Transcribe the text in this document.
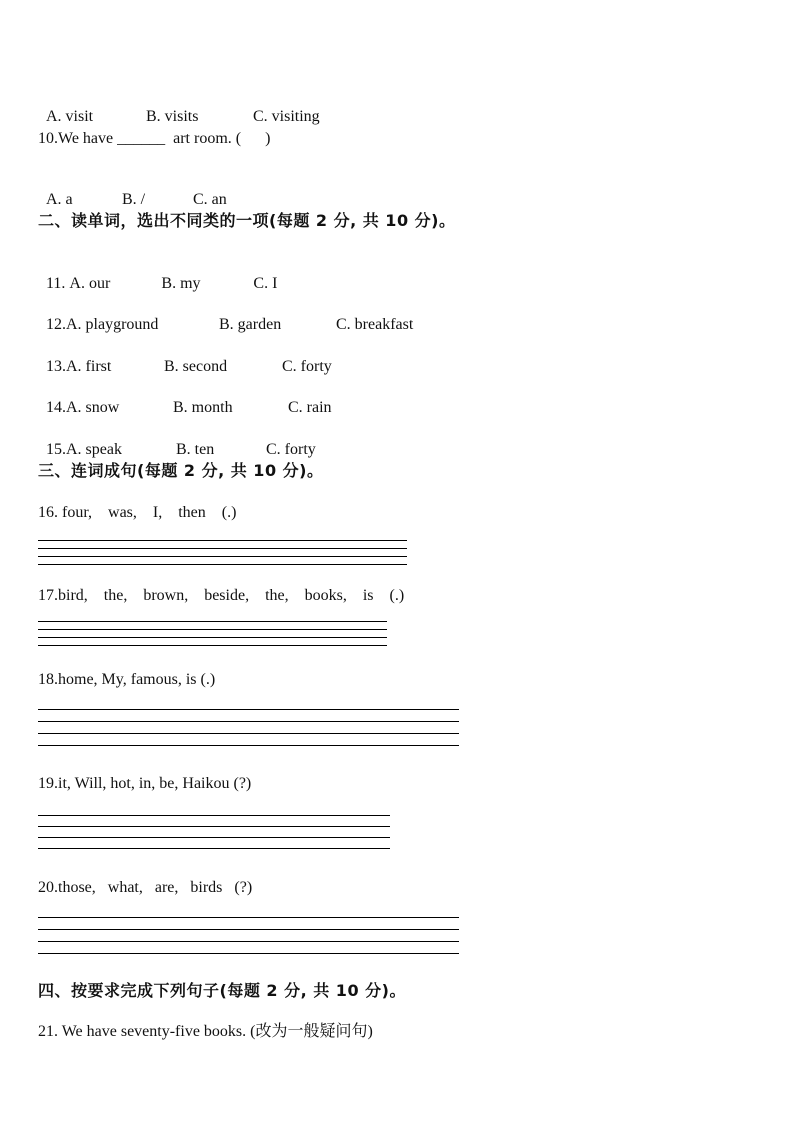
A. visit	B. visits	C. visiting

10.We have ______  art room. (      )

A. a	B. /	C. an

二、读单词，选出不同类的一项(每题 2 分, 共 10 分)。

11. A. our	B. my	C. I

12.A. playground	B. garden	C. breakfast

13.A. first	B. second	C. forty

14.A. snow	B. month	C. rain

15.A. speak	B. ten	C. forty

三、连词成句(每题 2 分, 共 10 分)。
16. four,    was,    I,    then    (.)
17.bird,    the,    brown,    beside,    the,    books,    is    (.)
18.home, My, famous, is (.)
19.it, Will, hot, in, be, Haikou (?)
20.those,   what,   are,   birds   (?)
四、按要求完成下列句子(每题 2 分, 共 10 分)。
21. We have seventy-five books. (改为一般疑问句)
